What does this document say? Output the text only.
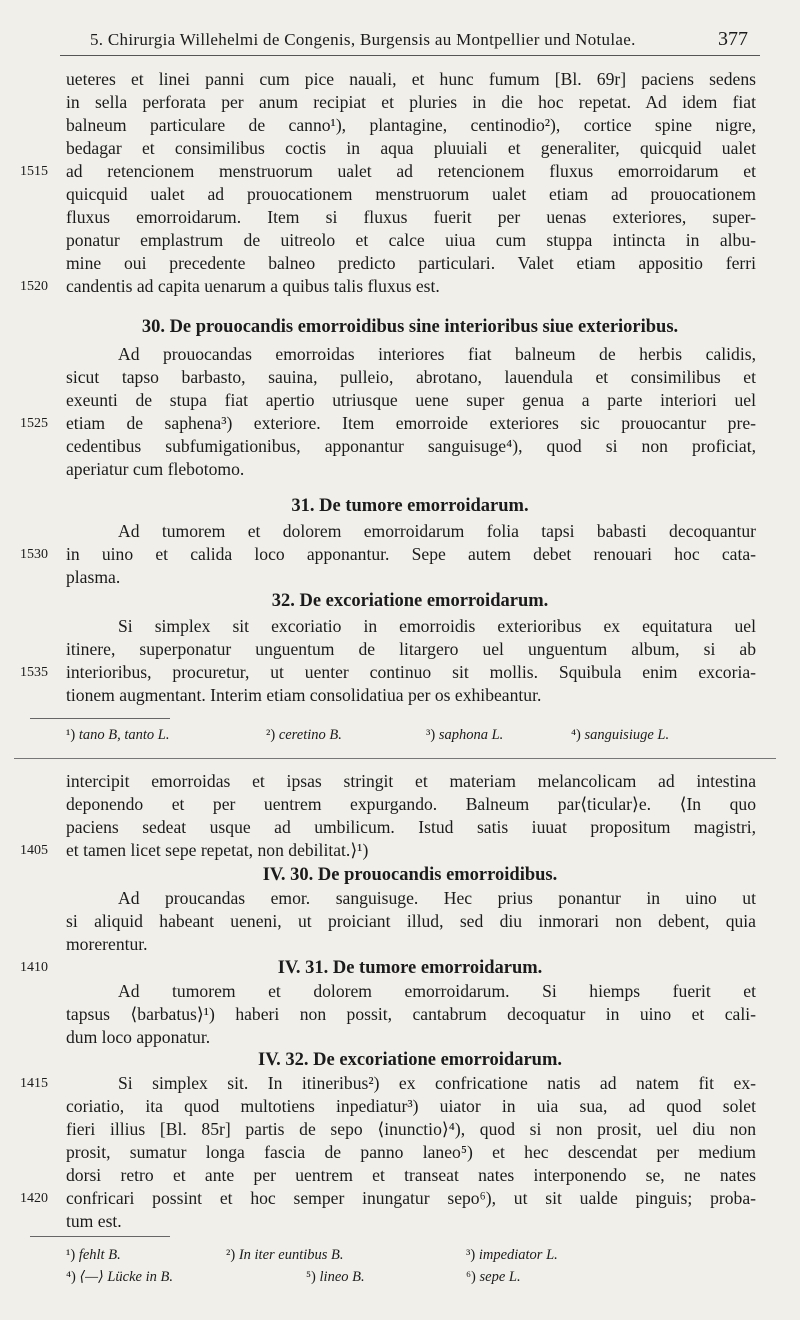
5. Chirurgia Willehelmi de Congenis, Burgensis au Montpellier und Notulae.	377
ueteres et linei panni cum pice nauali, et hunc fumum [Bl. 69r] paciens sedens
in sella perforata per anum recipiat et pluries in die hoc repetat. Ad idem fiat
balneum particulare de canno¹), plantagine, centinodio²), cortice spine nigre,
bedagar et consimilibus coctis in aqua pluuiali et generaliter, quicquid ualet
1515	ad retencionem menstruorum ualet ad retencionem fluxus emorroidarum et
quicquid ualet ad prouocationem menstruorum ualet etiam ad prouocationem
fluxus emorroidarum. Item si fluxus fuerit per uenas exteriores, super-
ponatur emplastrum de uitreolo et calce uiua cum stuppa intincta in albu-
mine oui precedente balneo predicto particulari. Valet etiam appositio ferri
1520	candentis ad capita uenarum a quibus talis fluxus est.
30. De prouocandis emorroidibus sine interioribus siue exterioribus.
Ad prouocandas emorroidas interiores fiat balneum de herbis calidis,
sicut tapso barbasto, sauina, pulleio, abrotano, lauendula et consimilibus et
exeunti de stupa fiat apertio utriusque uene super genua a parte interiori uel
1525	etiam de saphena³) exteriore. Item emorroide exteriores sic prouocantur pre-
cedentibus subfumigationibus, apponantur sanguisuge⁴), quod si non proficiat,
aperiatur cum flebotomo.
31. De tumore emorroidarum.
Ad tumorem et dolorem emorroidarum folia tapsi babasti decoquantur
1530	in uino et calida loco apponantur. Sepe autem debet renouari hoc cata-
plasma.
32. De excoriatione emorroidarum.
Si simplex sit excoriatio in emorroidis exterioribus ex equitatura uel
itinere, superponatur unguentum de litargero uel unguentum album, si ab
1535	interioribus, procuretur, ut uenter continuo sit mollis. Squibula enim excoria-
tionem augmentant. Interim etiam consolidatiua per os exhibeantur.
¹) tano B, tanto L.	²) ceretino B.	³) saphona L.	⁴) sanguisiuge L.
intercipit emorroidas et ipsas stringit et materiam melancolicam ad intestina
deponendo et per uentrem expurgando. Balneum par⟨ticular⟩e. ⟨In quo
paciens sedeat usque ad umbilicum. Istud satis iuuat propositum magistri,
1405	et tamen licet sepe repetat, non debilitat.⟩¹)
IV. 30. De prouocandis emorroidibus.
Ad proucandas emor. sanguisuge. Hec prius ponantur in uino ut
si aliquid habeant ueneni, ut proiciant illud, sed diu inmorari non debent, quia
morerentur.
1410	IV. 31. De tumore emorroidarum.
Ad tumorem et dolorem emorroidarum. Si hiemps fuerit et
tapsus ⟨barbatus⟩¹) haberi non possit, cantabrum decoquatur in uino et cali-
dum loco apponatur.
IV. 32. De excoriatione emorroidarum.
1415	Si simplex sit. In itineribus²) ex confricatione natis ad natem fit ex-
coriatio, ita quod multotiens inpediatur³) uiator in uia sua, ad quod solet
fieri illius [Bl. 85r] partis de sepo ⟨inunctio⟩⁴), quod si non prosit, uel diu non
prosit, sumatur longa fascia de panno laneo⁵) et hec descendat per medium
dorsi retro et ante per uentrem et transeat nates interponendo se, ne nates
1420	confricari possint et hoc semper inungatur sepo⁶), ut sit ualde pinguis; proba-
tum est.
¹) fehlt B.	²) In iter euntibus B.	³) impediator L.
⁴) ⟨—⟩ Lücke in B.	⁵) lineo B.	⁶) sepe L.
